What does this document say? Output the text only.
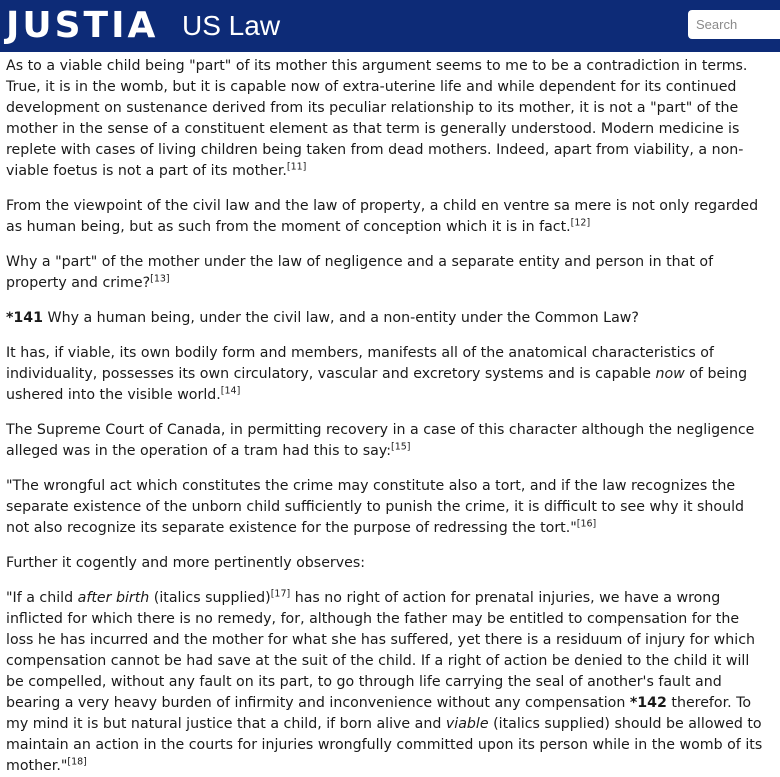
JUSTIA US Law
Search

As to a viable child being "part" of its mother this argument seems to me to be a contradiction in terms. True, it is in the womb, but it is capable now of extra-uterine life and while dependent for its continued development on sustenance derived from its peculiar relationship to its mother, it is not a "part" of the mother in the sense of a constituent element as that term is generally understood. Modern medicine is replete with cases of living children being taken from dead mothers. Indeed, apart from viability, a non-viable foetus is not a part of its mother.[11]

From the viewpoint of the civil law and the law of property, a child en ventre sa mere is not only regarded as human being, but as such from the moment of conception which it is in fact.[12]

Why a "part" of the mother under the law of negligence and a separate entity and person in that of property and crime?[13]

*141 Why a human being, under the civil law, and a non-entity under the Common Law?

It has, if viable, its own bodily form and members, manifests all of the anatomical characteristics of individuality, possesses its own circulatory, vascular and excretory systems and is capable now of being ushered into the visible world.[14]

The Supreme Court of Canada, in permitting recovery in a case of this character although the negligence alleged was in the operation of a tram had this to say:[15]

"The wrongful act which constitutes the crime may constitute also a tort, and if the law recognizes the separate existence of the unborn child sufficiently to punish the crime, it is difficult to see why it should not also recognize its separate existence for the purpose of redressing the tort."[16]

Further it cogently and more pertinently observes:

"If a child after birth (italics supplied)[17] has no right of action for prenatal injuries, we have a wrong inflicted for which there is no remedy, for, although the father may be entitled to compensation for the loss he has incurred and the mother for what she has suffered, yet there is a residuum of injury for which compensation cannot be had save at the suit of the child. If a right of action be denied to the child it will be compelled, without any fault on its part, to go through life carrying the seal of another's fault and bearing a very heavy burden of infirmity and inconvenience without any compensation *142 therefor. To my mind it is but natural justice that a child, if born alive and viable (italics supplied) should be allowed to maintain an action in the courts for injuries wrongfully committed upon its person while in the womb of its mother."[18]
